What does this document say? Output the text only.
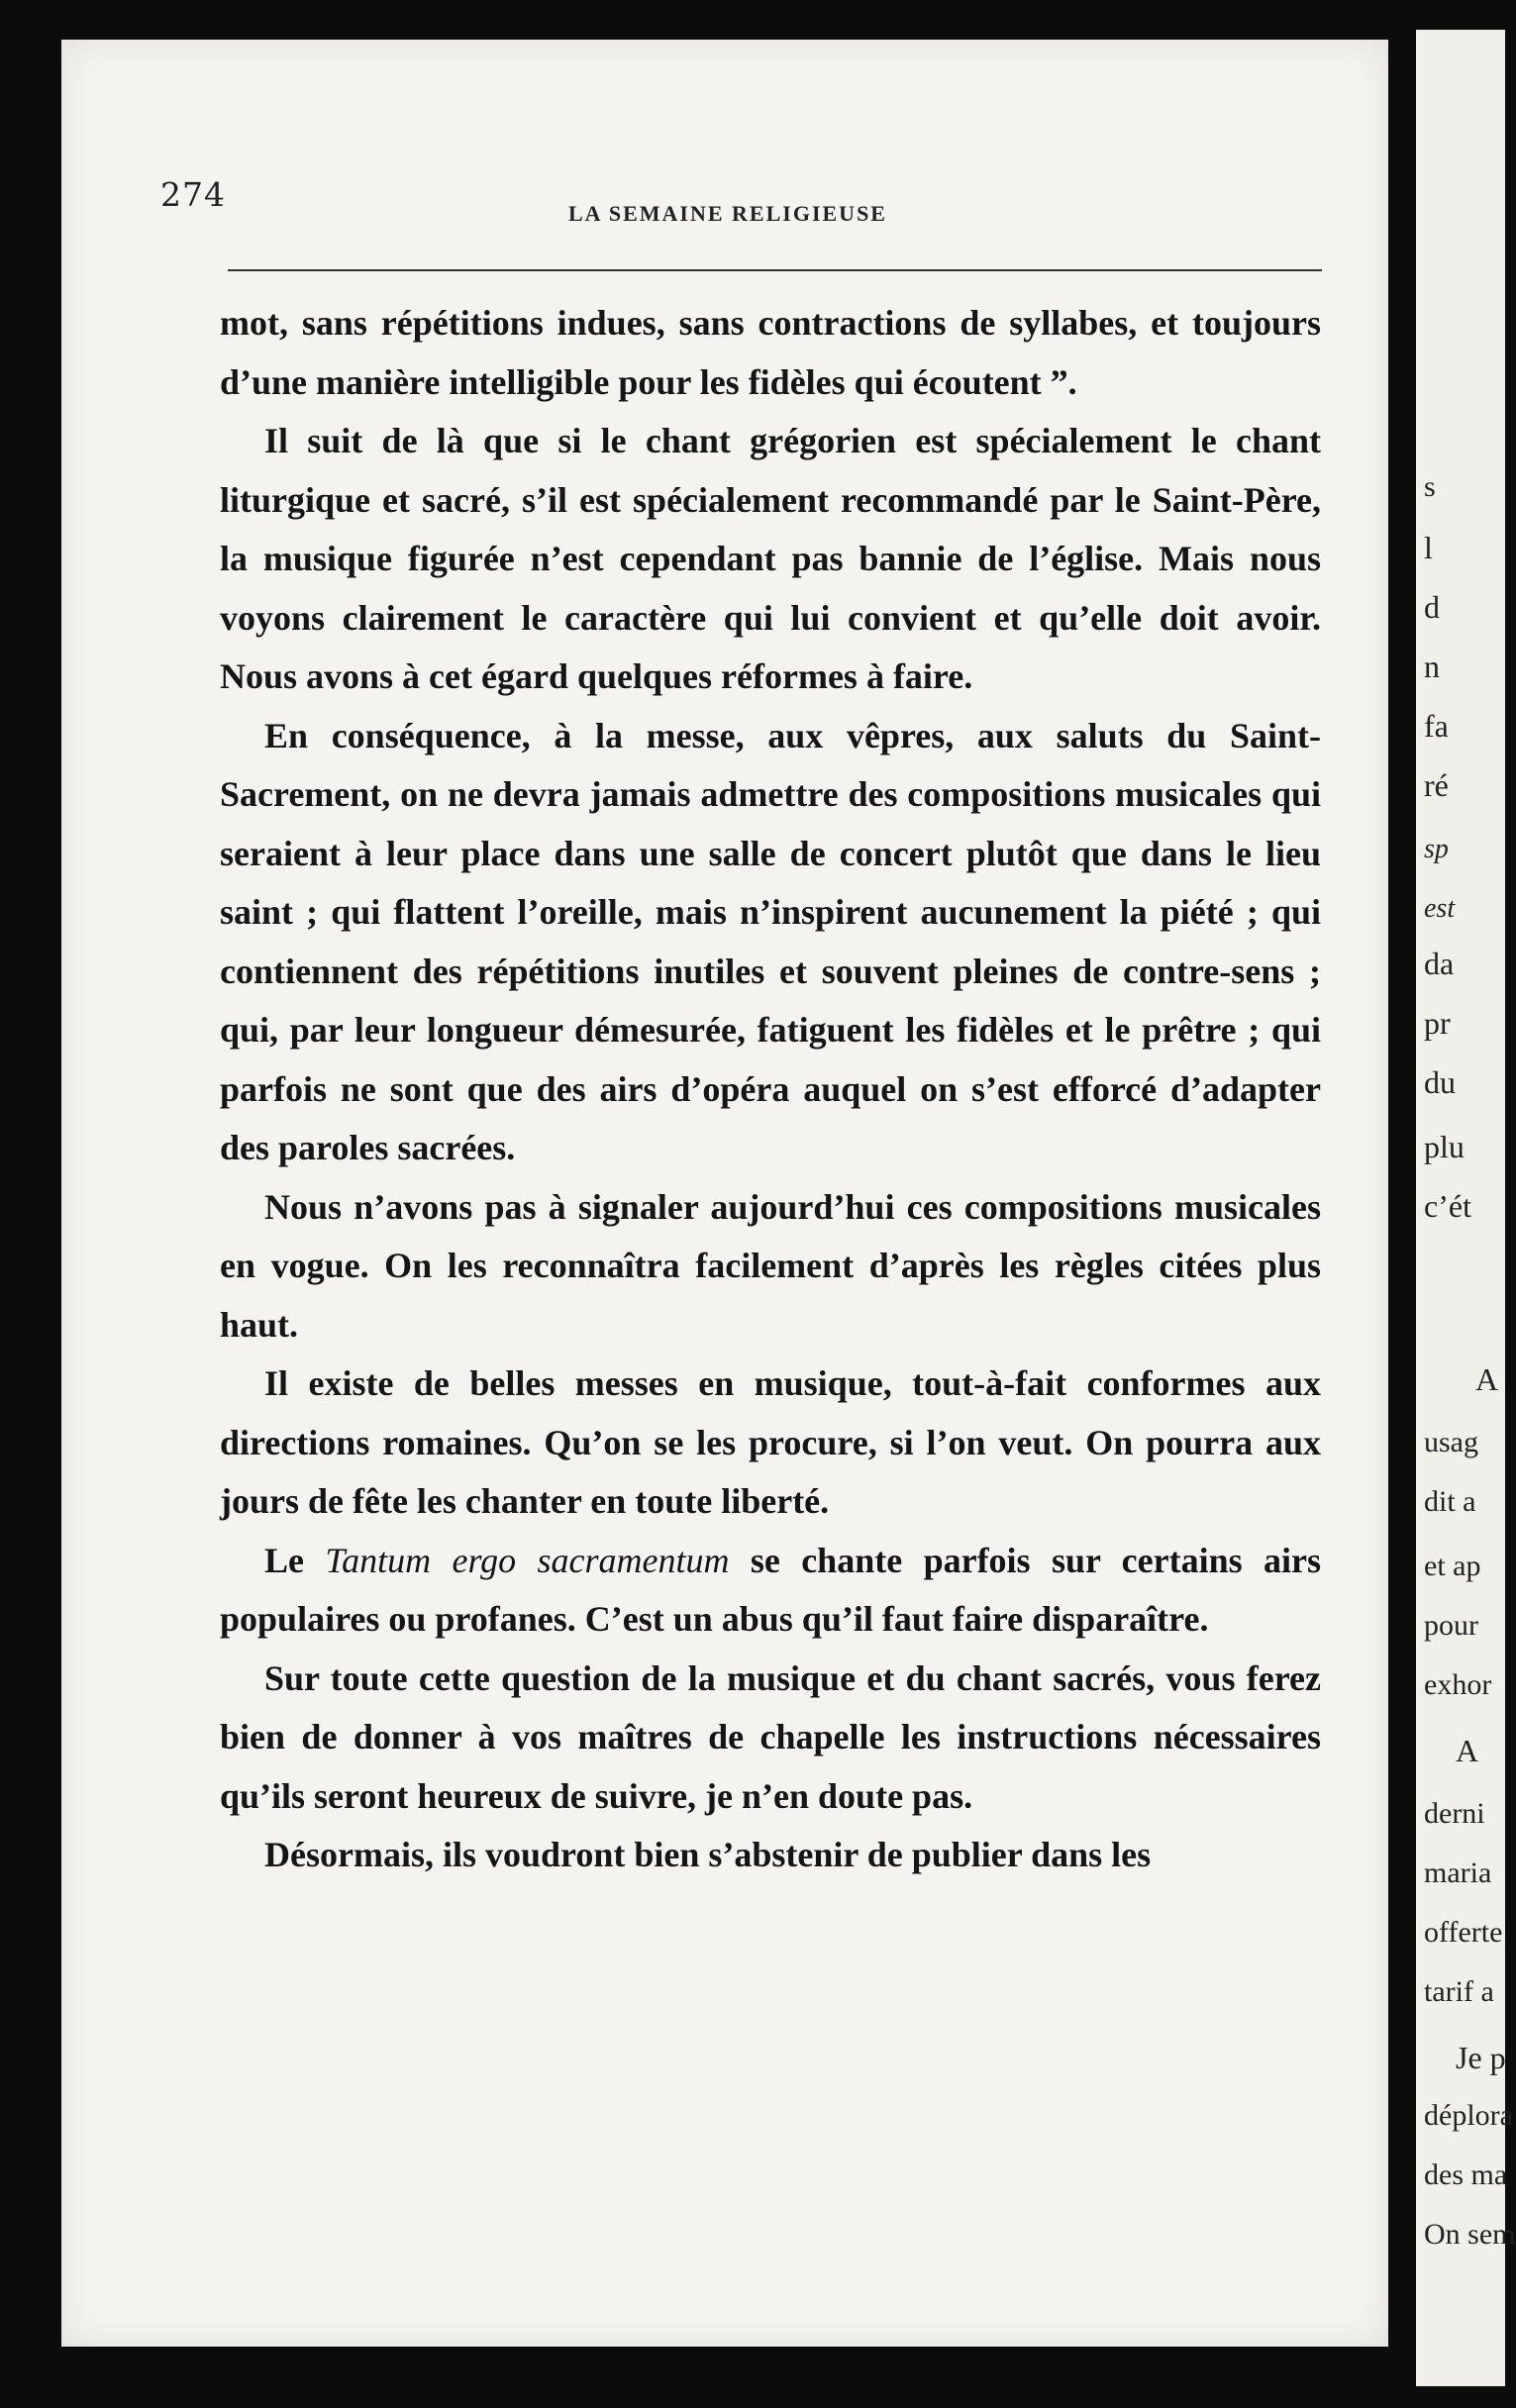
274	LA SEMAINE RELIGIEUSE

mot, sans répétitions indues, sans contractions de syllabes, et toujours d’une manière intelligible pour les fidèles qui écoutent ”.

Il suit de là que si le chant grégorien est spécialement le chant liturgique et sacré, s’il est spécialement recommandé par le Saint-Père, la musique figurée n’est cependant pas bannie de l’église. Mais nous voyons clairement le caractère qui lui convient et qu’elle doit avoir. Nous avons à cet égard quelques réformes à faire.

En conséquence, à la messe, aux vêpres, aux saluts du Saint-Sacrement, on ne devra jamais admettre des compositions musicales qui seraient à leur place dans une salle de concert plutôt que dans le lieu saint ; qui flattent l’oreille, mais n’inspirent aucunement la piété ; qui contiennent des répétitions inutiles et souvent pleines de contre-sens ; qui, par leur longueur démesurée, fatiguent les fidèles et le prêtre ; qui parfois ne sont que des airs d’opéra auquel on s’est efforcé d’adapter des paroles sacrées.

Nous n’avons pas à signaler aujourd’hui ces compositions musicales en vogue. On les reconnaîtra facilement d’après les règles citées plus haut.

Il existe de belles messes en musique, tout-à-fait conformes aux directions romaines. Qu’on se les procure, si l’on veut. On pourra aux jours de fête les chanter en toute liberté.

Le Tantum ergo sacramentum se chante parfois sur certains airs populaires ou profanes. C’est un abus qu’il faut faire disparaître.

Sur toute cette question de la musique et du chant sacrés, vous ferez bien de donner à vos maîtres de chapelle les instructions nécessaires qu’ils seront heureux de suivre, je n’en doute pas.

Désormais, ils voudront bien s’abstenir de publier dans les

s
l
d
n
fa
ré
sp
est
da
pr
du
plu
c’ét
A
usag
dit a
et ap
pour
exhor
A
derni
maria
offerte
tarif a
Je p
déplora
des ma
On sem
